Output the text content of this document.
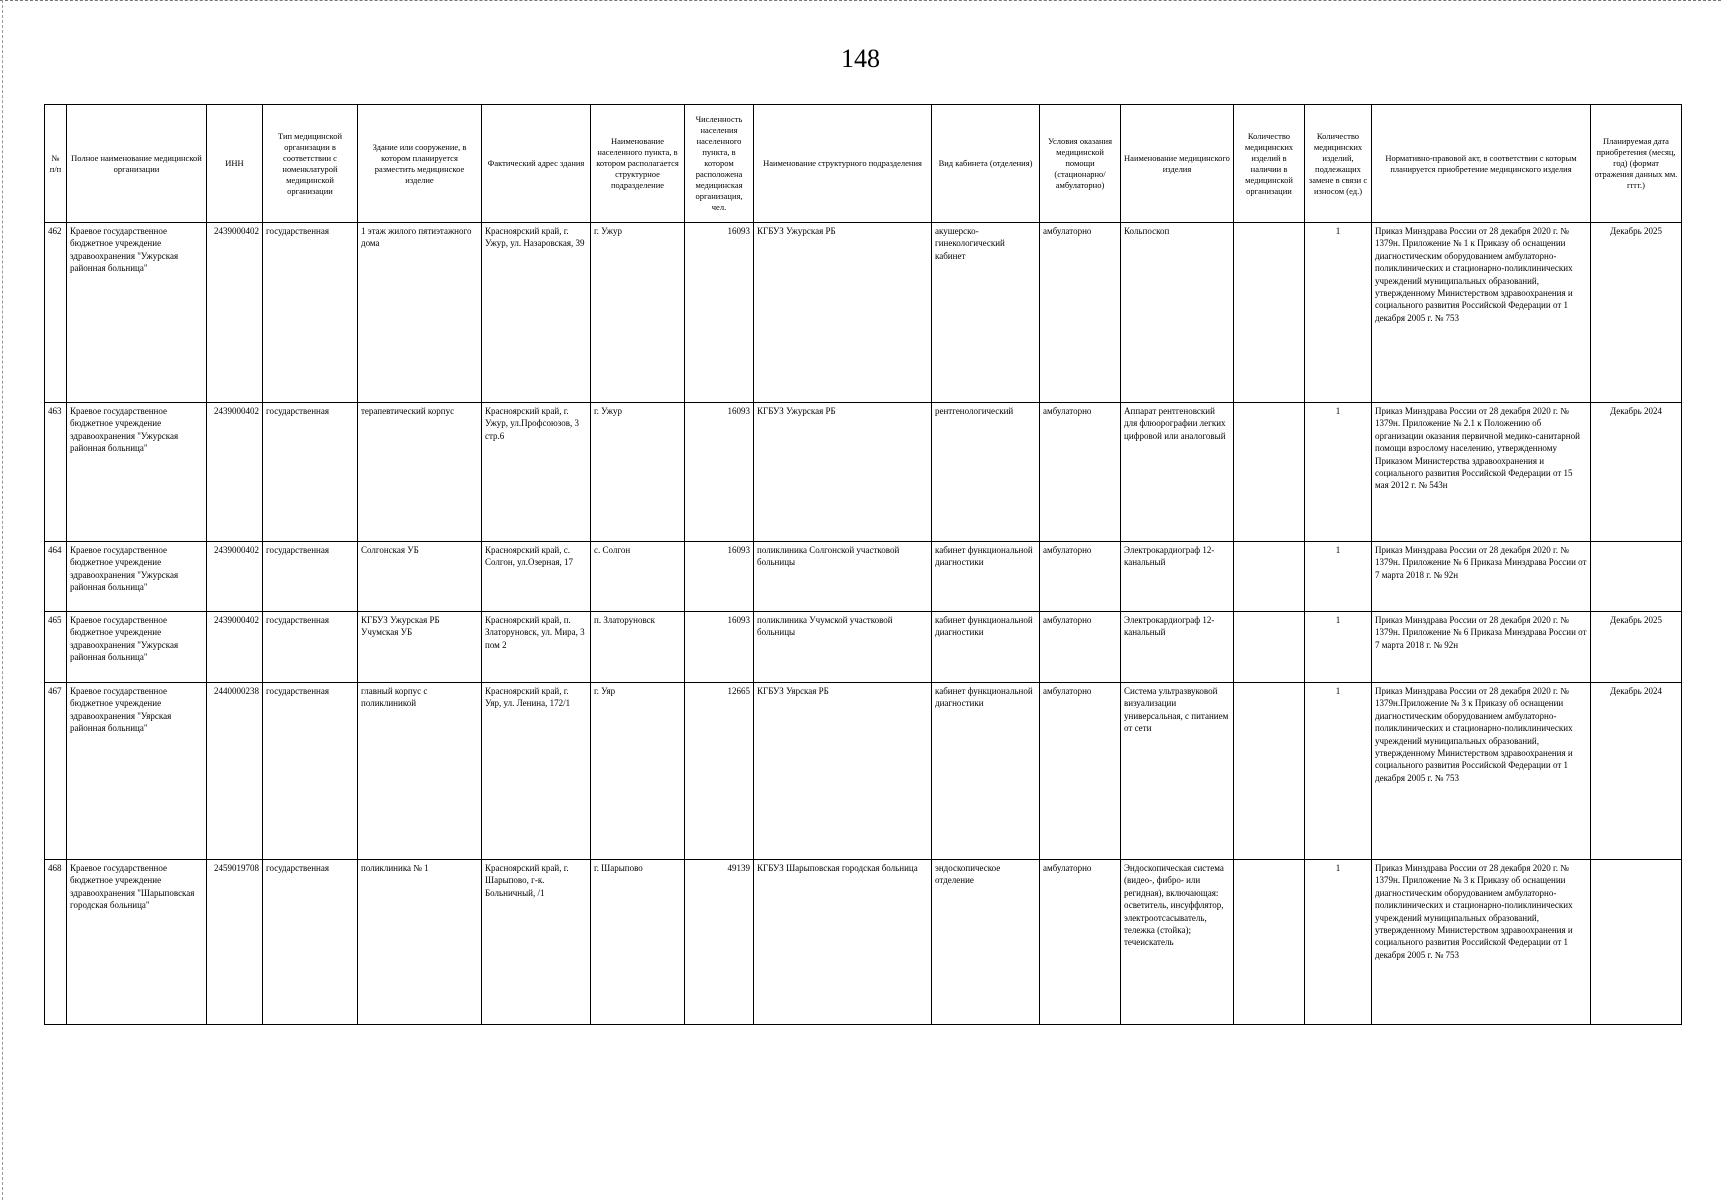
148
№ п/п	Полное наименование медицинской организации	ИНН	Тип медицинской организации в соответствии с номенклатурой медицинской организации	Здание или сооружение, в котором планируется разместить медицинское изделие	Фактический адрес здания	Наименование населенного пункта, в котором располагается структурное подразделение	Численность населения населенного пункта, в котором расположена медицинская организация, чел.	Наименование структурного подразделения	Вид кабинета (отделения)	Условия оказания медицинской помощи (стационарно/ амбулаторно)	Наименование медицинского изделия	Количество медицинских изделий в наличии в медицинской организации	Количество медицинских изделий, подлежащих замене в связи с износом (ед.)	Нормативно-правовой акт, в соответствии с которым планируется приобретение медицинского изделия	Планируемая дата приобретения (месяц, год) (формат отражения данных мм. гггг.)
462	Краевое государственное бюджетное учреждение здравоохранения "Ужурская районная больница"	2439000402	государственная	1 этаж жилого пятиэтажного дома	Красноярский край, г. Ужур, ул. Назаровская, 39	г. Ужур	16093	КГБУЗ Ужурская РБ	акушерско-гинекологический кабинет	амбулаторно	Кольпоскоп		1	Приказ Минздрава России от 28 декабря 2020 г. № 1379н. Приложение № 1 к Приказу об оснащении диагностическим оборудованием амбулаторно-поликлинических и стационарно-поликлинических учреждений муниципальных образований, утвержденному Министерством здравоохранения и социального развития Российской Федерации от 1 декабря 2005 г. № 753	Декабрь 2025
463	Краевое государственное бюджетное учреждение здравоохранения "Ужурская районная больница"	2439000402	государственная	терапевтический корпус	Красноярский край, г. Ужур, ул.Профсоюзов, 3 стр.6	г. Ужур	16093	КГБУЗ Ужурская РБ	рентгенологический	амбулаторно	Аппарат рентгеновский для флюорографии легких цифровой или аналоговый		1	Приказ Минздрава России от 28 декабря 2020 г. № 1379н. Приложение № 2.1 к Положению об организации оказания первичной медико-санитарной помощи взрослому населению, утвержденному Приказом Министерства здравоохранения и социального развития Российской Федерации от 15 мая 2012 г. № 543н	Декабрь 2024
464	Краевое государственное бюджетное учреждение здравоохранения "Ужурская районная больница"	2439000402	государственная	Солгонская УБ	Красноярский край, с. Солгон, ул.Озерная, 17	с. Солгон	16093	поликлиника Солгонской участковой больницы	кабинет функциональной диагностики	амбулаторно	Электрокардиограф 12-канальный		1	Приказ Минздрава России от 28 декабря 2020 г. № 1379н. Приложение № 6 Приказа Минздрава России от 7 марта 2018 г. № 92н	
465	Краевое государственное бюджетное учреждение здравоохранения "Ужурская районная больница"	2439000402	государственная	КГБУЗ Ужурская РБ Учумская УБ	Красноярский край, п. Златоруновск, ул. Мира, 3 пом 2	п. Златоруновск	16093	поликлиника Учумской участковой больницы	кабинет функциональной диагностики	амбулаторно	Электрокардиограф 12-канальный		1	Приказ Минздрава России от 28 декабря 2020 г. № 1379н. Приложение № 6 Приказа Минздрава России от 7 марта 2018 г. № 92н	Декабрь 2025
467	Краевое государственное бюджетное учреждение здравоохранения "Уярская районная больница"	2440000238	государственная	главный корпус с поликлиникой	Красноярский край, г. Уяр, ул. Ленина, 172/1	г. Уяр	12665	КГБУЗ Уярская РБ	кабинет функциональной диагностики	амбулаторно	Система ультразвуковой визуализации универсальная, с питанием от сети		1	Приказ Минздрава России от 28 декабря 2020 г. № 1379н.Приложение № 3 к Приказу об оснащении диагностическим оборудованием амбулаторно-поликлинических и стационарно-поликлинических учреждений муниципальных образований, утвержденному Министерством здравоохранения и социального развития Российской Федерации от 1 декабря 2005 г. № 753	Декабрь 2024
468	Краевое государственное бюджетное учреждение здравоохранения "Шарыповская городская больница"	2459019708	государственная	поликлиника № 1	Красноярский край, г. Шарыпово, г-к. Больничный, /1	г. Шарыпово	49139	КГБУЗ Шарыповская городская больница	эндоскопическое отделение	амбулаторно	Эндоскопическая система (видео-, фибро- или регидная), включающая: осветитель, инсуффлятор, электроотсасыватель, тележка (стойка); течеискатель		1	Приказ Минздрава России от 28 декабря 2020 г. № 1379н. Приложение № 3 к Приказу об оснащении диагностическим оборудованием амбулаторно-поликлинических и стационарно-поликлинических учреждений муниципальных образований, утвержденному Министерством здравоохранения и социального развития Российской Федерации от 1 декабря 2005 г. № 753	
